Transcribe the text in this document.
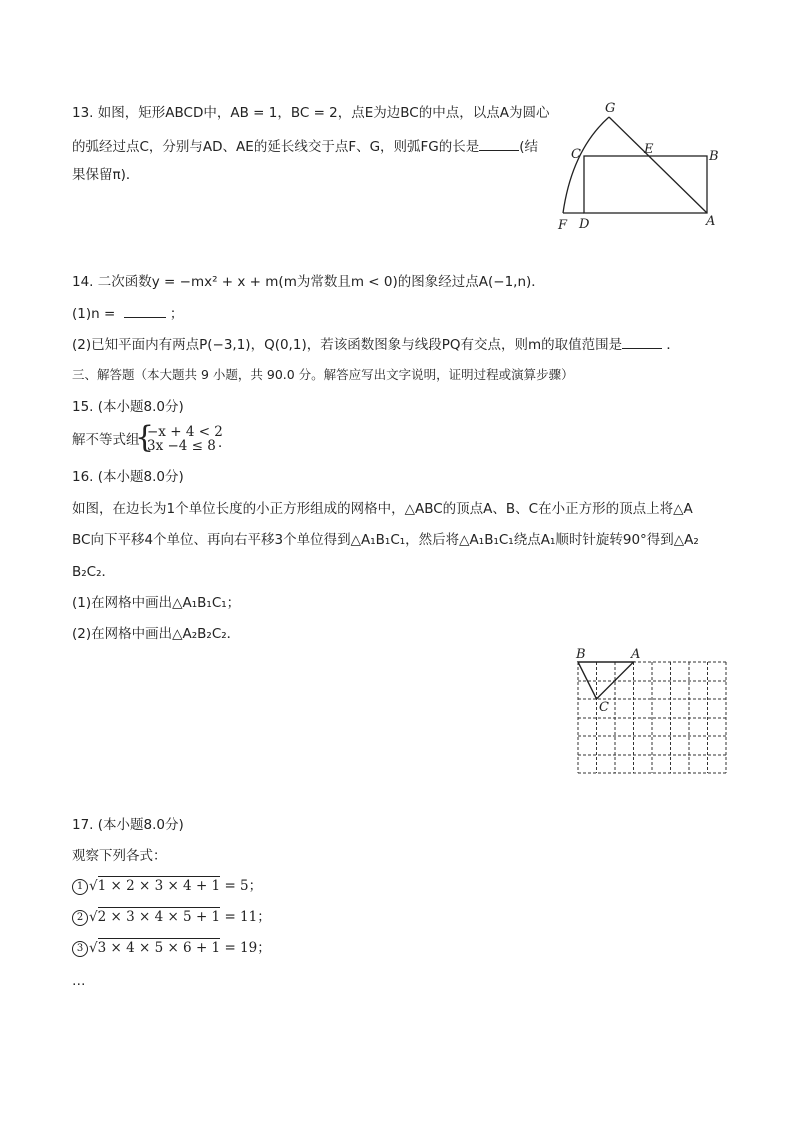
13. 如图，矩形ABCD中，AB = 1，BC = 2，点E为边BC的中点，以点A为圆心
的弧经过点C，分别与AD、AE的延长线交于点F、G，则弧FG的长是	(结
果保留π)．
G
C	E	B
F D	A
14. 二次函数y = −mx² + x + m(m为常数且m < 0)的图象经过点A(−1,n)．
(1)n =	；
(2)已知平面内有两点P(−3,1)，Q(0,1)，若该函数图象与线段PQ有交点，则m的取值范围是	．
三、解答题（本大题共 9 小题，共 90.0 分。解答应写出文字说明，证明过程或演算步骤）
15. (本小题8.0分)
解不等式组
{
−x + 4 < 2
3x −4 ≤ 8 ．
16. (本小题8.0分)
如图，在边长为1个单位长度的小正方形组成的网格中，△ABC的顶点A、B、C在小正方形的顶点上将△A
BC向下平移4个单位、再向右平移3个单位得到△A₁B₁C₁，然后将△A₁B₁C₁绕点A₁顺时针旋转90°得到△A₂
B₂C₂．
(1)在网格中画出△A₁B₁C₁；
(2)在网格中画出△A₂B₂C₂．
B	A
C
17. (本小题8.0分)
观察下列各式：
1 √1 × 2 × 3 × 4 + 1 = 5；
2 √2 × 3 × 4 × 5 + 1 = 11；
3 √3 × 4 × 5 × 6 + 1 = 19；
…
